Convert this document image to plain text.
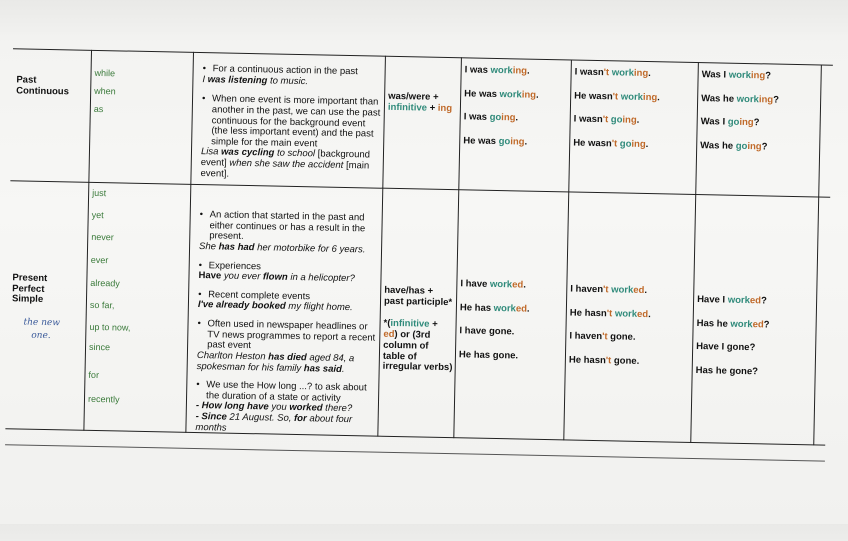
Past
Continuous
while
when
as
• For a continuous action in the past
I was listening to music.
• When one event is more important than another in the past, we can use the past continuous for the background event (the less important event) and the past simple for the main event
Lisa was cycling to school [background event] when she saw the accident [main event].
was/were + infinitive + ing
I was working.
He was working.
I was going.
He was going.
I wasn't working.
He wasn't working.
I wasn't going.
He wasn't going.
Was I working?
Was he working?
Was I going?
Was he going?
Present
Perfect
Simple
the new
one.
just
yet
never
ever
already
so far,
up to now,
since
for
recently
• An action that started in the past and either continues or has a result in the present.
She has had her motorbike for 6 years.
• Experiences
Have you ever flown in a helicopter?
• Recent complete events
I've already booked my flight home.
• Often used in newspaper headlines or TV news programmes to report a recent past event
Charlton Heston has died aged 84, a spokesman for his family has said.
• We use the How long ...? to ask about the duration of a state or activity
- How long have you worked there?
- Since 21 August. So, for about four months
have/has + past participle*

*(infinitive + ed) or (3rd column of table of irregular verbs)
I have worked.
He has worked.
I have gone.
He has gone.
I haven't worked.
He hasn't worked.
I haven't gone.
He hasn't gone.
Have I worked?
Has he worked?
Have I gone?
Has he gone?
